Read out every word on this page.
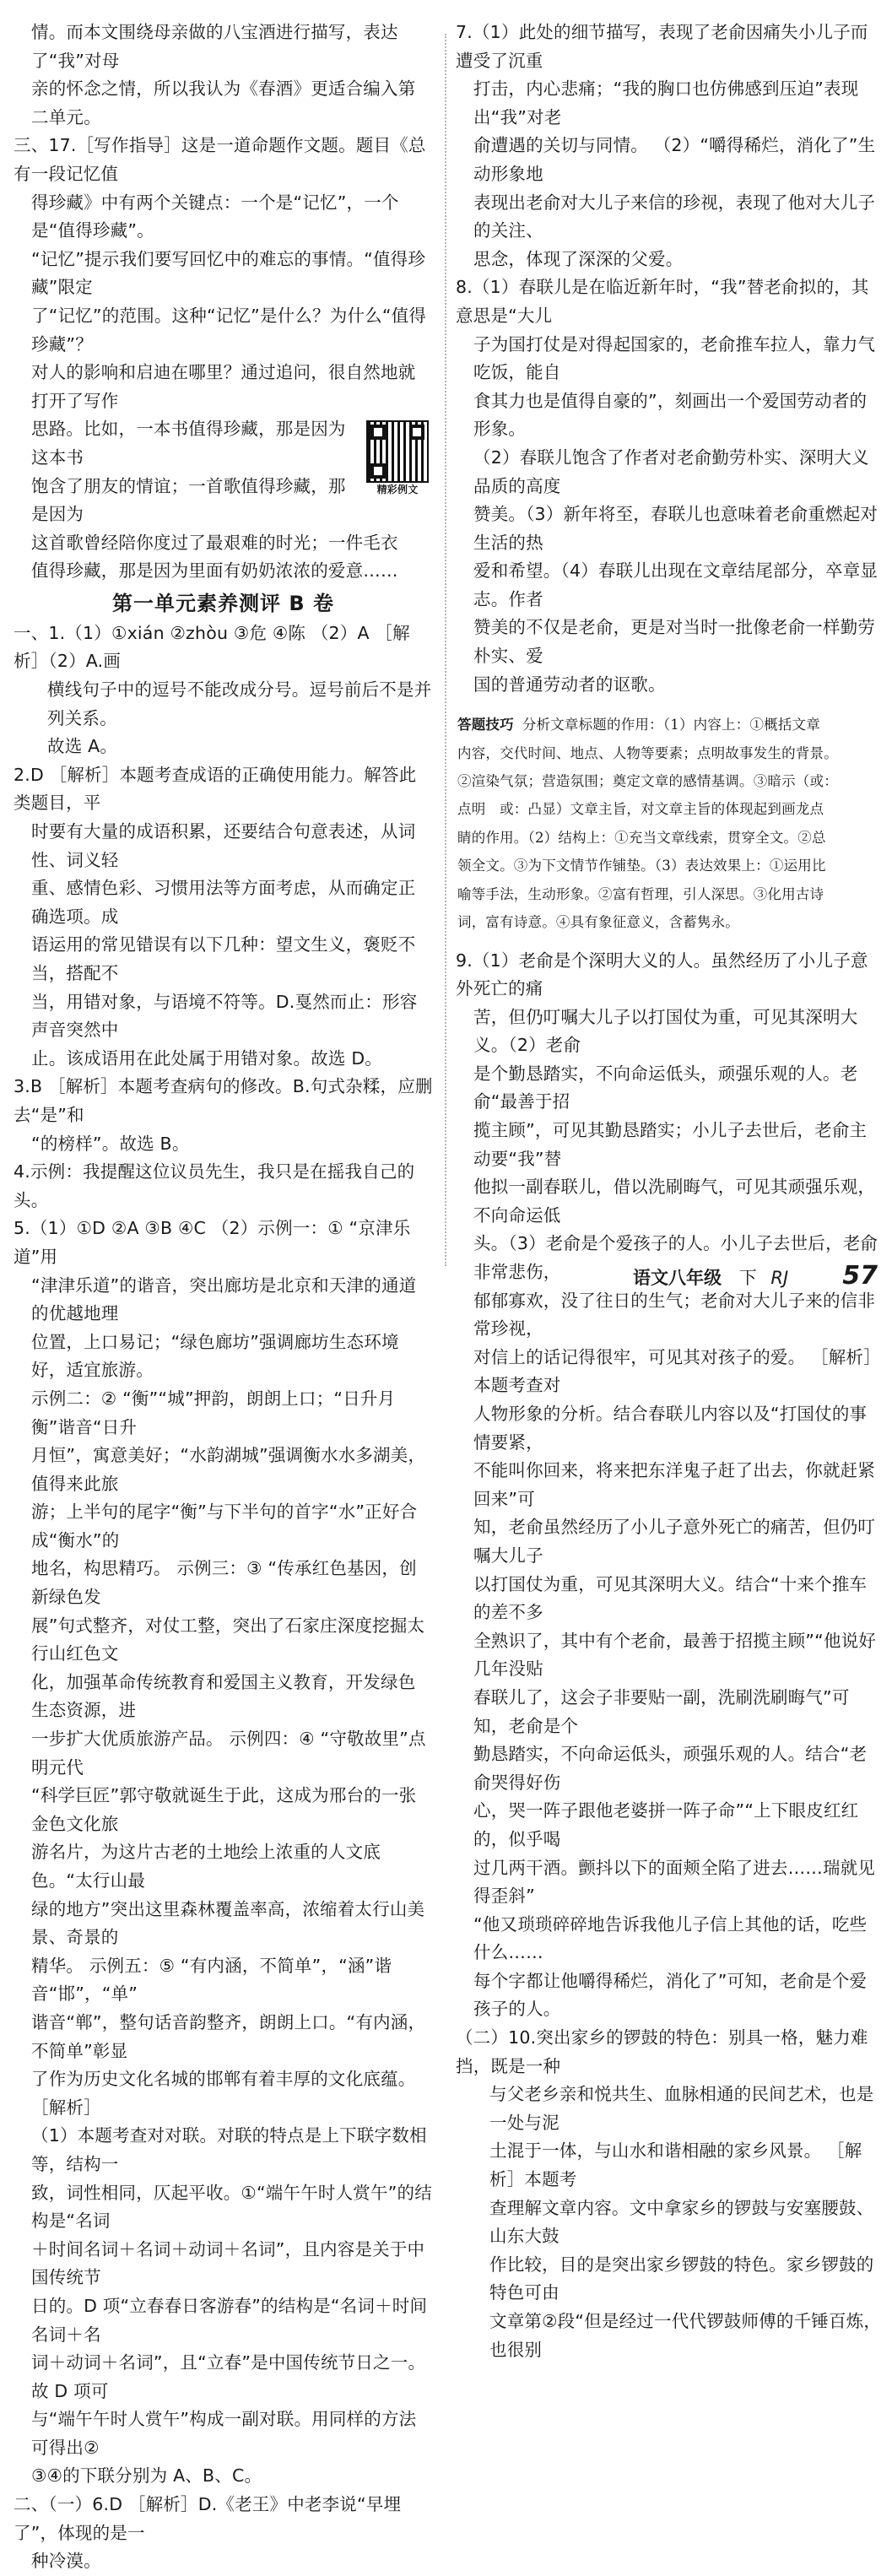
情。而本文围绕母亲做的八宝酒进行描写，表达了“我”对母

亲的怀念之情，所以我认为《春酒》更适合编入第二单元。

三、17.［写作指导］这是一道命题作文题。题目《总有一段记忆值

得珍藏》中有两个关键点：一个是“记忆”，一个是“值得珍藏”。

“记忆”提示我们要写回忆中的难忘的事情。“值得珍藏”限定

了“记忆”的范围。这种“记忆”是什么？为什么“值得珍藏”？

对人的影响和启迪在哪里？通过追问，很自然地就打开了写作

精彩例文

思路。比如，一本书值得珍藏，那是因为这本书

饱含了朋友的情谊；一首歌值得珍藏，那是因为

这首歌曾经陪你度过了最艰难的时光；一件毛衣

值得珍藏，那是因为里面有奶奶浓浓的爱意……

第一单元素养测评 B 卷

一、1.（1）①xián ②zhòu ③危 ④陈 （2）A ［解析］（2）A.画

横线句子中的逗号不能改成分号。逗号前后不是并列关系。

故选 A。

2.D ［解析］本题考查成语的正确使用能力。解答此类题目，平

时要有大量的成语积累，还要结合句意表述，从词性、词义轻

重、感情色彩、习惯用法等方面考虑，从而确定正确选项。成

语运用的常见错误有以下几种：望文生义，褒贬不当，搭配不

当，用错对象，与语境不符等。D.戛然而止：形容声音突然中

止。该成语用在此处属于用错对象。故选 D。

3.B ［解析］本题考查病句的修改。B.句式杂糅，应删去“是”和

“的榜样”。故选 B。

4.示例：我提醒这位议员先生，我只是在摇我自己的头。

5.（1）①D ②A ③B ④C （2）示例一：① “京津乐道”用

“津津乐道”的谐音，突出廊坊是北京和天津的通道的优越地理

位置，上口易记；“绿色廊坊”强调廊坊生态环境好，适宜旅游。

示例二：② “衡”“城”押韵，朗朗上口；“日升月衡”谐音“日升

月恒”，寓意美好；“水韵湖城”强调衡水水多湖美，值得来此旅

游；上半句的尾字“衡”与下半句的首字“水”正好合成“衡水”的

地名，构思精巧。 示例三：③ “传承红色基因，创新绿色发

展”句式整齐，对仗工整，突出了石家庄深度挖掘太行山红色文

化，加强革命传统教育和爱国主义教育，开发绿色生态资源，进

一步扩大优质旅游产品。 示例四：④ “守敬故里”点明元代

“科学巨匠”郭守敬就诞生于此，这成为邢台的一张金色文化旅

游名片，为这片古老的土地绘上浓重的人文底色。“太行山最

绿的地方”突出这里森林覆盖率高，浓缩着太行山美景、奇景的

精华。 示例五：⑤ “有内涵，不简单”，“涵”谐音“邯”，“单”

谐音“郸”，整句话音韵整齐，朗朗上口。“有内涵，不简单”彰显

了作为历史文化名城的邯郸有着丰厚的文化底蕴。 ［解析］

（1）本题考查对对联。对联的特点是上下联字数相等，结构一

致，词性相同，仄起平收。①“端午午时人赏午”的结构是“名词

＋时间名词＋名词＋动词＋名词”，且内容是关于中国传统节

日的。D 项“立春春日客游春”的结构是“名词＋时间名词＋名

词＋动词＋名词”，且“立春”是中国传统节日之一。故 D 项可

与“端午午时人赏午”构成一副对联。用同样的方法可得出②

③④的下联分别为 A、B、C。

二、（一）6.D ［解析］D.《老王》中老李说“早埋了”，体现的是一

种冷漠。

7.（1）此处的细节描写，表现了老俞因痛失小儿子而遭受了沉重

打击，内心悲痛；“我的胸口也仿佛感到压迫”表现出“我”对老

俞遭遇的关切与同情。 （2）“嚼得稀烂，消化了”生动形象地

表现出老俞对大儿子来信的珍视，表现了他对大儿子的关注、

思念，体现了深深的父爱。

8.（1）春联儿是在临近新年时，“我”替老俞拟的，其意思是“大儿

子为国打仗是对得起国家的，老俞推车拉人，靠力气吃饭，能自

食其力也是值得自豪的”，刻画出一个爱国劳动者的形象。

（2）春联儿饱含了作者对老俞勤劳朴实、深明大义品质的高度

赞美。（3）新年将至，春联儿也意味着老俞重燃起对生活的热

爱和希望。（4）春联儿出现在文章结尾部分，卒章显志。作者

赞美的不仅是老俞，更是对当时一批像老俞一样勤劳朴实、爱

国的普通劳动者的讴歌。

答题技巧 分析文章标题的作用：（1）内容上：①概括文章

内容，交代时间、地点、人物等要素；点明故事发生的背景。

②渲染气氛；营造氛围；奠定文章的感情基调。③暗示（或：

点明　或：凸显）文章主旨，对文章主旨的体现起到画龙点

睛的作用。（2）结构上：①充当文章线索，贯穿全文。②总

领全文。③为下文情节作铺垫。（3）表达效果上：①运用比

喻等手法，生动形象。②富有哲理，引人深思。③化用古诗

词，富有诗意。④具有象征意义，含蓄隽永。

9.（1）老俞是个深明大义的人。虽然经历了小儿子意外死亡的痛

苦，但仍叮嘱大儿子以打国仗为重，可见其深明大义。（2）老俞

是个勤恳踏实，不向命运低头，顽强乐观的人。老俞“最善于招

揽主顾”，可见其勤恳踏实；小儿子去世后，老俞主动要“我”替

他拟一副春联儿，借以洗刷晦气，可见其顽强乐观，不向命运低

头。（3）老俞是个爱孩子的人。小儿子去世后，老俞非常悲伤，

郁郁寡欢，没了往日的生气；老俞对大儿子来的信非常珍视，

对信上的话记得很牢，可见其对孩子的爱。 ［解析］本题考查对

人物形象的分析。结合春联儿内容以及“打国仗的事情要紧，

不能叫你回来，将来把东洋鬼子赶了出去，你就赶紧回来”可

知，老俞虽然经历了小儿子意外死亡的痛苦，但仍叮嘱大儿子

以打国仗为重，可见其深明大义。结合“十来个推车的差不多

全熟识了，其中有个老俞，最善于招揽主顾”“他说好几年没贴

春联儿了，这会子非要贴一副，洗刷洗刷晦气”可知，老俞是个

勤恳踏实，不向命运低头，顽强乐观的人。结合“老俞哭得好伤

心，哭一阵子跟他老婆拼一阵子命”“上下眼皮红红的，似乎喝

过几两干酒。颤抖以下的面颊全陷了进去……瑞就见得歪斜”

“他又琐琐碎碎地告诉我他儿子信上其他的话，吃些什么……

每个字都让他嚼得稀烂，消化了”可知，老俞是个爱孩子的人。

（二）10.突出家乡的锣鼓的特色：别具一格，魅力难挡，既是一种

与父老乡亲和悦共生、血脉相通的民间艺术，也是一处与泥

土混于一体，与山水和谐相融的家乡风景。 ［解析］本题考

查理解文章内容。文中拿家乡的锣鼓与安塞腰鼓、山东大鼓

作比较，目的是突出家乡锣鼓的特色。家乡锣鼓的特色可由

文章第②段“但是经过一代代锣鼓师傅的千锤百炼，也很别

语文八年级 下 RJ 57
